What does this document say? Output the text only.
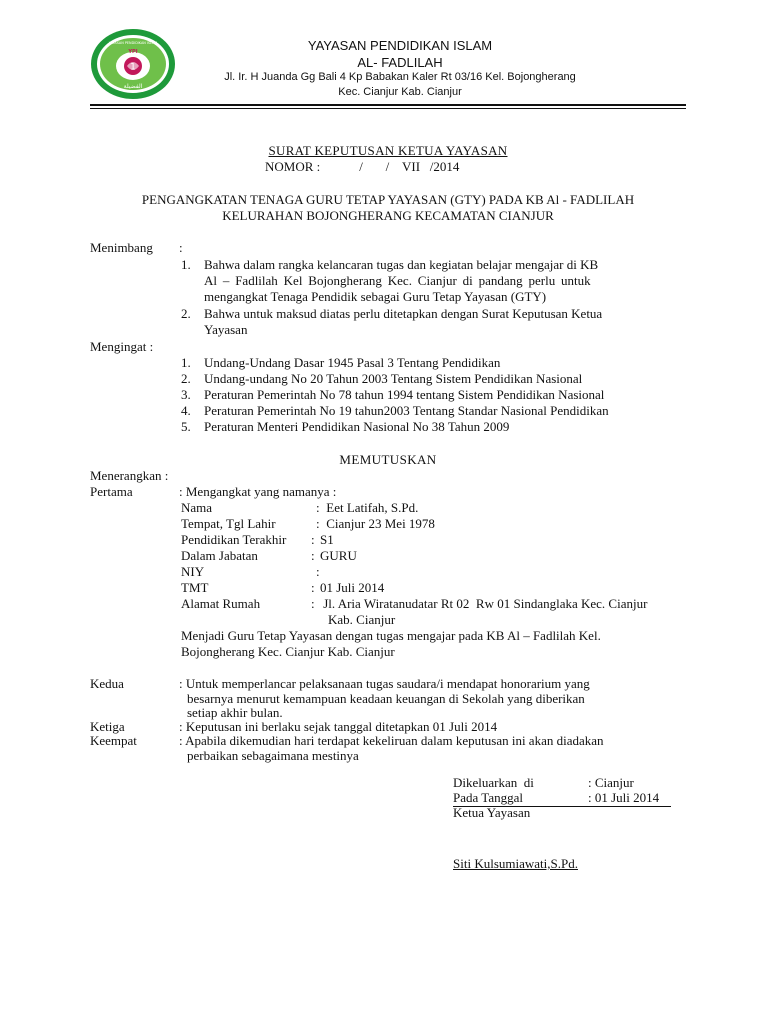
1
YPI
YAYASAN PENDIDIKAN ISLAM
الفضيلة
YAYASAN PENDIDIKAN ISLAM
AL- FADLILAH
Jl. Ir. H Juanda Gg Bali 4 Kp Babakan Kaler Rt 03/16 Kel. Bojongherang
Kec. Cianjur Kab. Cianjur
SURAT KEPUTUSAN KETUA YAYASAN
NOMOR :            /       /    VII   /2014
PENGANGKATAN TENAGA GURU TETAP YAYASAN (GTY) PADA KB Al - FADLILAH
KELURAHAN BOJONGHERANG KECAMATAN CIANJUR
Menimbang :
1. Bahwa dalam rangka kelancaran tugas dan kegiatan belajar mengajar di KB
Al – Fadlilah Kel Bojongherang Kec. Cianjur di pandang perlu untuk
mengangkat Tenaga Pendidik sebagai Guru Tetap Yayasan (GTY)
2. Bahwa untuk maksud diatas perlu ditetapkan dengan Surat Keputusan Ketua
Yayasan
Mengingat :
1. Undang-Undang Dasar 1945 Pasal 3 Tentang Pendidikan
2. Undang-undang No 20 Tahun 2003 Tentang Sistem Pendidikan Nasional
3. Peraturan Pemerintah No 78 tahun 1994 tentang Sistem Pendidikan Nasional
4. Peraturan Pemerintah No 19 tahun2003 Tentang Standar Nasional Pendidikan
5. Peraturan Menteri Pendidikan Nasional No 38 Tahun 2009
MEMUTUSKAN
Menerangkan :
Pertama	: Mengangkat yang namanya :
Nama	: Eet Latifah, S.Pd.
Tempat, Tgl Lahir	: Cianjur 23 Mei 1978
Pendidikan Terakhir : S1
Dalam Jabatan	: GURU
NIY	:
TMT	: 01 Juli 2014
Alamat Rumah	: Jl. Aria Wiratanudatar Rt 02  Rw 01 Sindanglaka Kec. Cianjur
Kab. Cianjur
Menjadi Guru Tetap Yayasan dengan tugas mengajar pada KB Al – Fadlilah Kel.
Bojongherang Kec. Cianjur Kab. Cianjur
Kedua	: Untuk memperlancar pelaksanaan tugas saudara/i mendapat honorarium yang
besarnya menurut kemampuan keadaan keuangan di Sekolah yang diberikan
setiap akhir bulan.
Ketiga	: Keputusan ini berlaku sejak tanggal ditetapkan 01 Juli 2014
Keempat	: Apabila dikemudian hari terdapat kekeliruan dalam keputusan ini akan diadakan
perbaikan sebagaimana mestinya
Dikeluarkan  di	: Cianjur
Pada Tanggal	: 01 Juli 2014
Ketua Yayasan
Siti Kulsumiawati,S.Pd.
